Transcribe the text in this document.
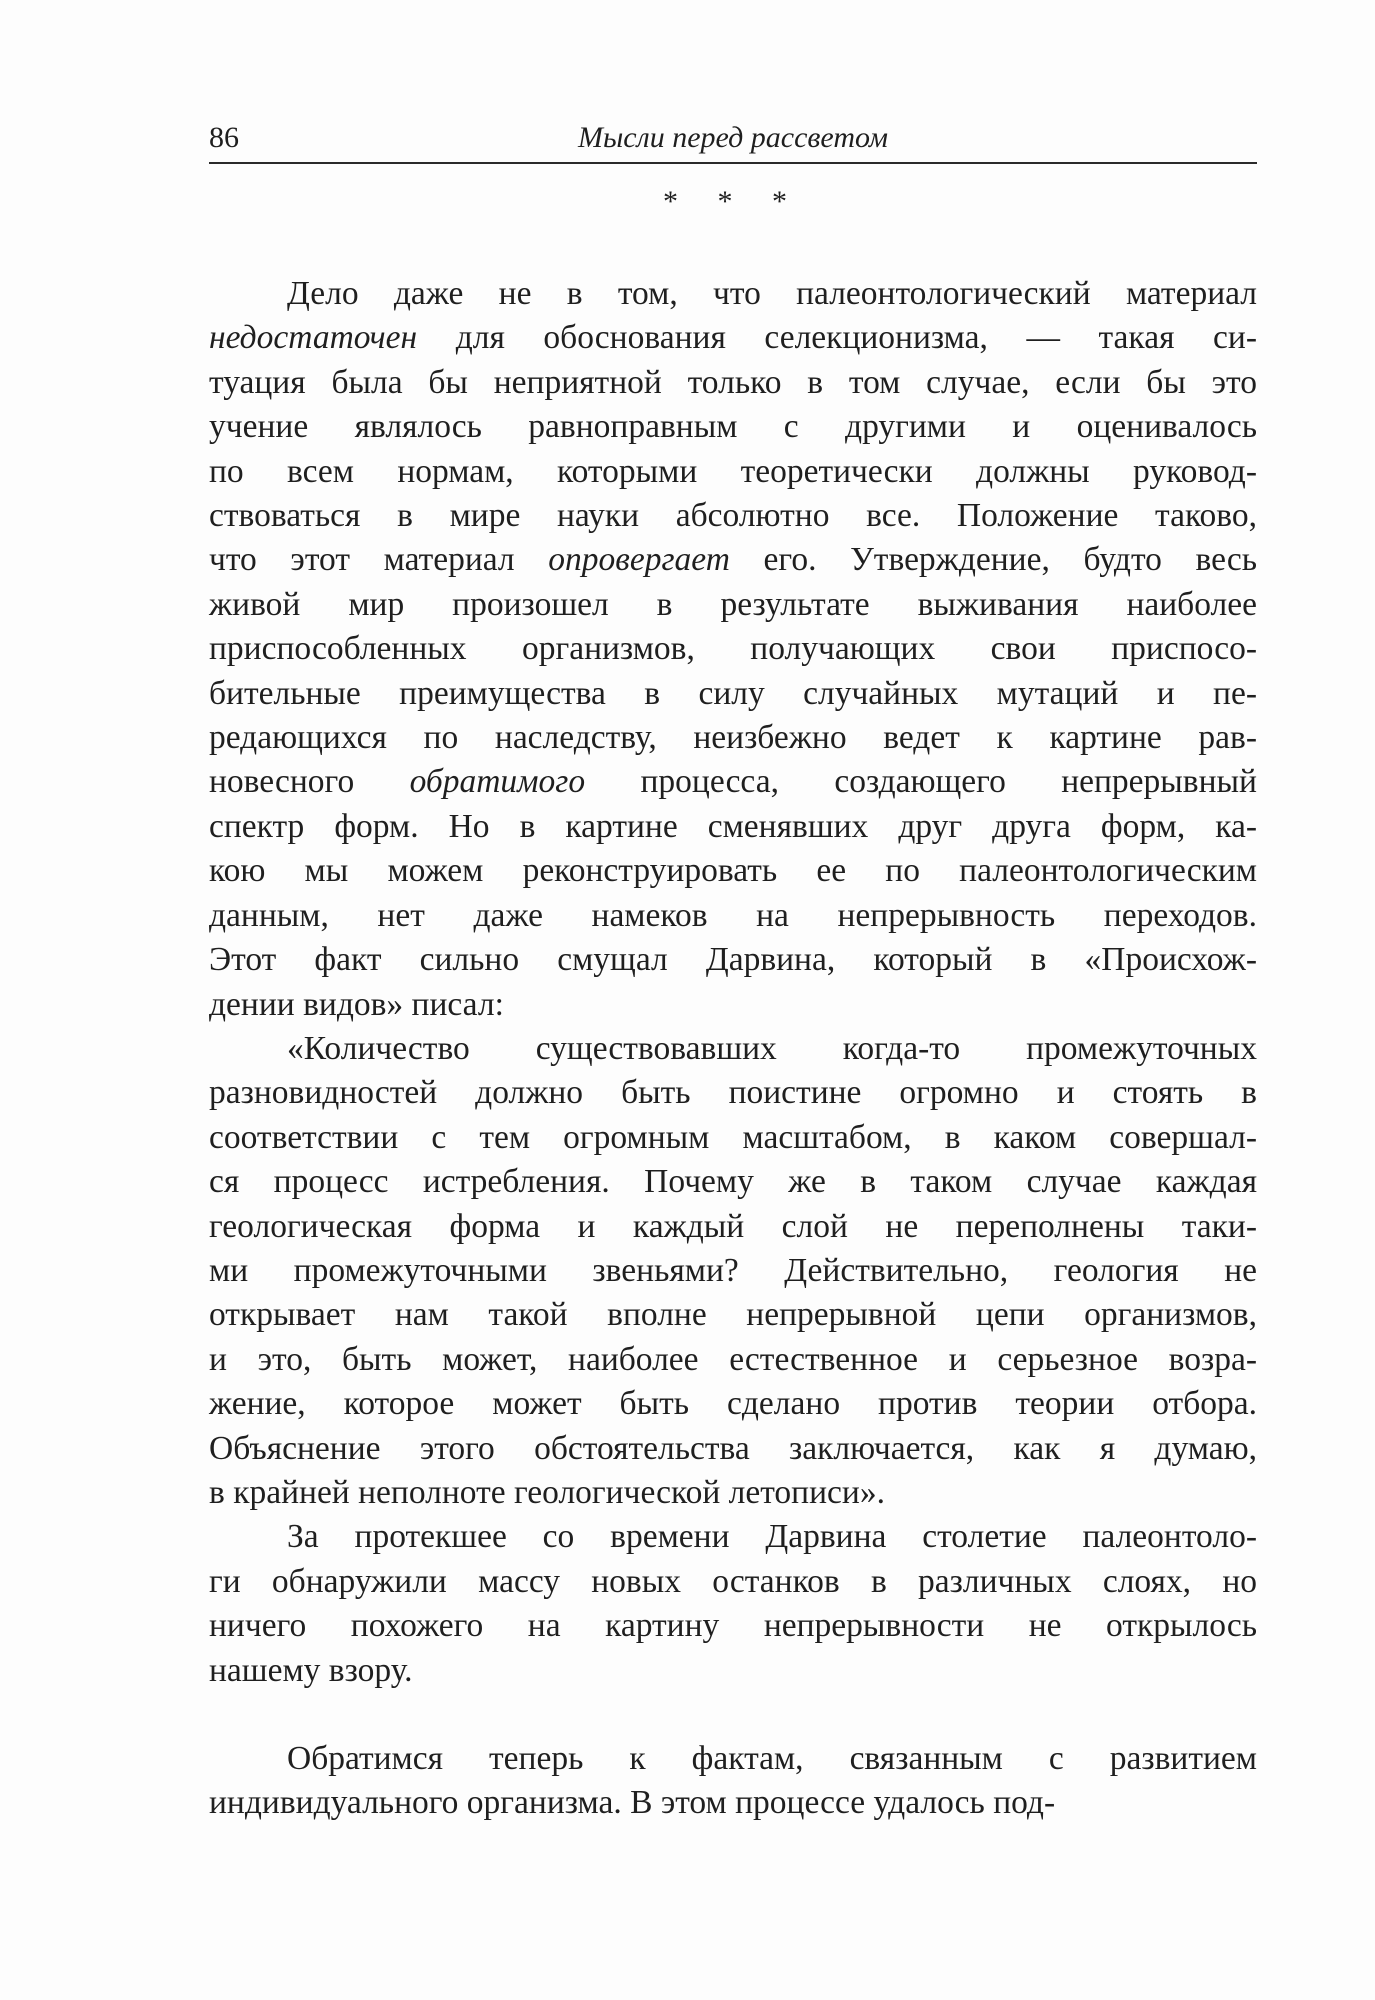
86	Мысли перед рассветом
* * *
Дело даже не в том, что палеонтологический материал
недостаточен для обоснования селекционизма, — такая си-
туация была бы неприятной только в том случае, если бы это
учение являлось равноправным с другими и оценивалось
по всем нормам, которыми теоретически должны руковод-
ствоваться в мире науки абсолютно все. Положение таково,
что этот материал опровергает его. Утверждение, будто весь
живой мир произошел в результате выживания наиболее
приспособленных организмов, получающих свои приспосо-
бительные преимущества в силу случайных мутаций и пе-
редающихся по наследству, неизбежно ведет к картине рав-
новесного обратимого процесса, создающего непрерывный
спектр форм. Но в картине сменявших друг друга форм, ка-
кою мы можем реконструировать ее по палеонтологическим
данным, нет даже намеков на непрерывность переходов.
Этот факт сильно смущал Дарвина, который в «Происхож-
дении видов» писал:
«Количество существовавших когда-то промежуточных
разновидностей должно быть поистине огромно и стоять в
соответствии с тем огромным масштабом, в каком совершал-
ся процесс истребления. Почему же в таком случае каждая
геологическая форма и каждый слой не переполнены таки-
ми промежуточными звеньями? Действительно, геология не
открывает нам такой вполне непрерывной цепи организмов,
и это, быть может, наиболее естественное и серьезное возра-
жение, которое может быть сделано против теории отбора.
Объяснение этого обстоятельства заключается, как я думаю,
в крайней неполноте геологической летописи».
За протекшее со времени Дарвина столетие палеонтоло-
ги обнаружили массу новых останков в различных слоях, но
ничего похожего на картину непрерывности не открылось
нашему взору.
Обратимся теперь к фактам, связанным с развитием
индивидуального организма. В этом процессе удалось под-
